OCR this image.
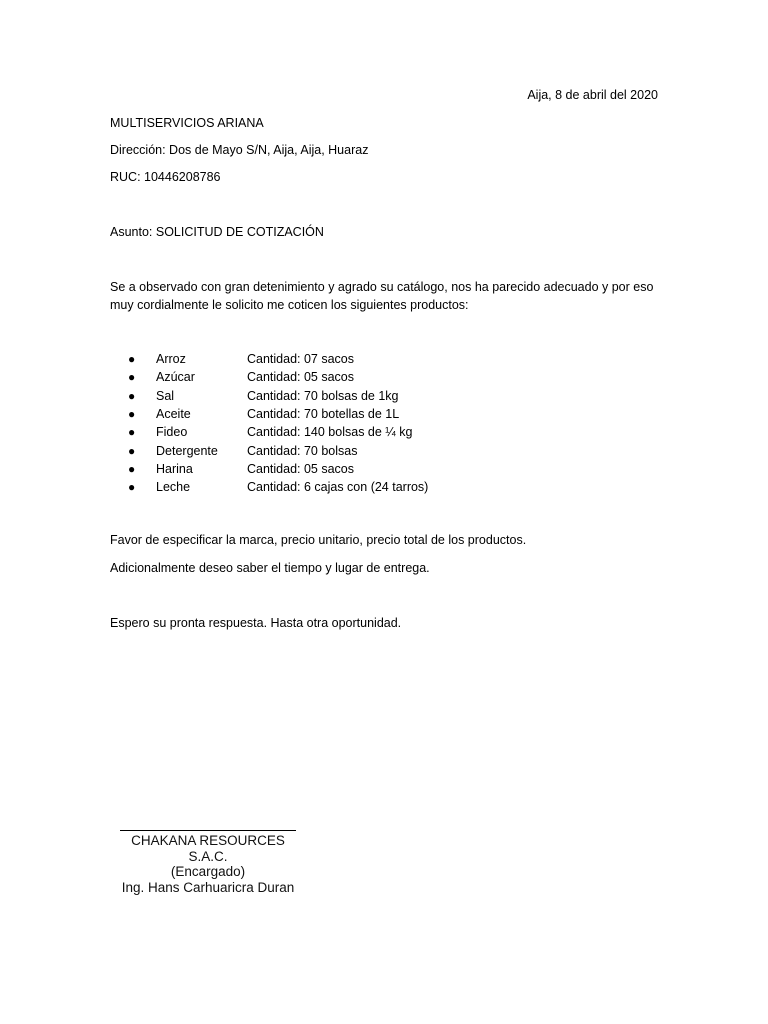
Aija, 8 de abril del 2020
MULTISERVICIOS ARIANA
Dirección: Dos de Mayo S/N, Aija, Aija, Huaraz
RUC: 10446208786
Asunto: SOLICITUD DE COTIZACIÓN
Se a observado con gran detenimiento y agrado su catálogo, nos ha parecido adecuado y por eso muy cordialmente le solicito me coticen los siguientes productos:
●	Arroz	Cantidad: 07 sacos
●	Azúcar	Cantidad: 05 sacos
●	Sal	Cantidad: 70 bolsas de 1kg
●	Aceite	Cantidad: 70 botellas de 1L
●	Fideo	Cantidad: 140 bolsas de ¼ kg
●	Detergente	Cantidad: 70 bolsas
●	Harina	Cantidad: 05 sacos
●	Leche	Cantidad: 6 cajas con (24 tarros)
Favor de especificar la marca, precio unitario, precio total de los productos.
Adicionalmente deseo saber el tiempo y lugar de entrega.
Espero su pronta respuesta. Hasta otra oportunidad.
CHAKANA RESOURCES
S.A.C.
(Encargado)
Ing. Hans Carhuaricra Duran
